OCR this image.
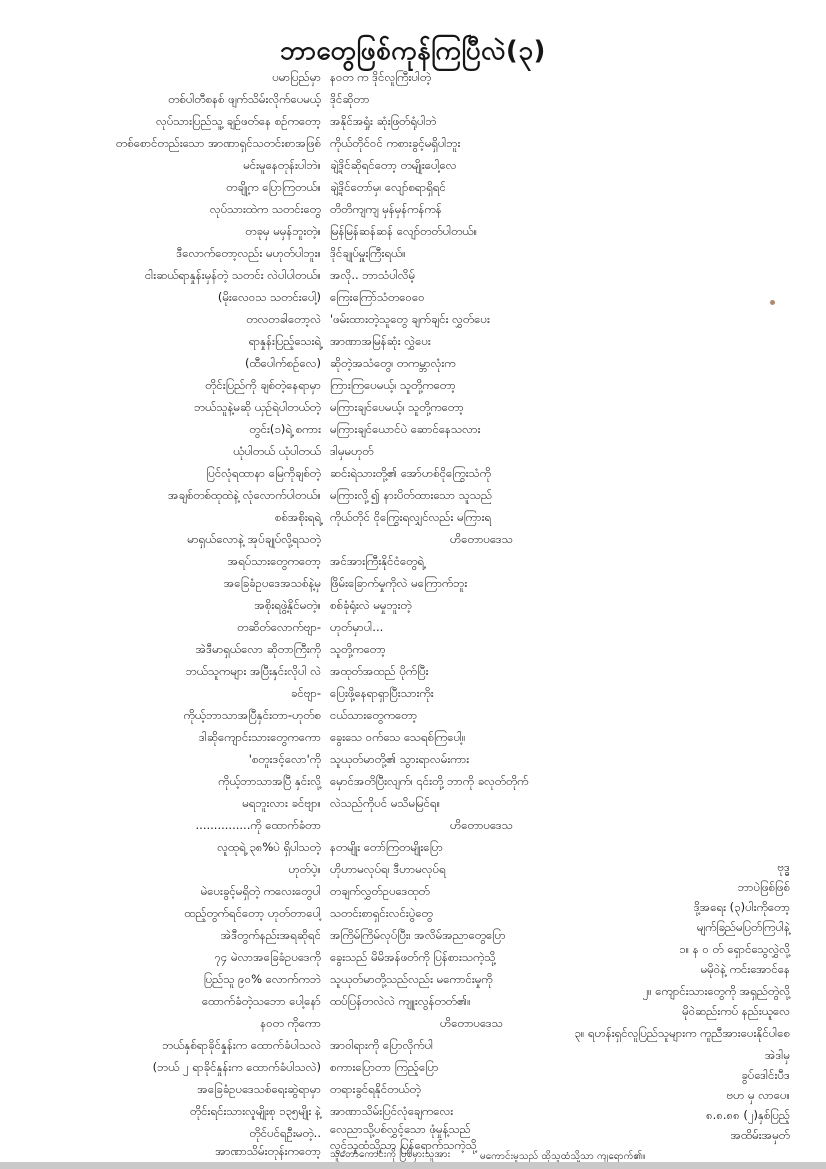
ဘာတွေဖြစ်ကုန်ကြပြီလဲ(၃)
ပမာပြည်မှာ
တစ်ပါတီစနစ် ဖျက်သိမ်းလိုက်ပေမယ့်
လုပ်သားပြည်သူ့ ချဥ်ဖတ်နေ စဥ်ကတော့
တစ်စောင်တည်းသော အာဏာရှင်သတင်းစာအဖြစ်
မင်းမူနေတုန်းပါဘဲ။
တချို့က ပြောကြတယ်။
လုပ်သားထဲက သတင်းတွေ
တခုမှ မမှန်ဘူးတဲ့။
ဒီလောက်တော့လည်း မဟုတ်ပါဘူး။
ငါးဆယ်ရာနှုန်းမှန်တဲ့ သတင်း လဲပါပါတယ်။
(မိုးလေဝသ သတင်းပေါ့)
တလတခါတော့လဲ
ရာနှုန်းပြည့်သေးရဲ့
(ထီပေါက်စဥ်လေ)
တိုင်းပြည်ကို ချစ်တဲ့နေရာမှာ
ဘယ်သူနဲ့မဆို ယှဥ်ရဲပါတယ်တဲ့
တွင်း(၁)ရဲ့ စကား
ယုံပါတယ် ယုံပါတယ်
ပြင်လုံရထာနာ မြေကိုချစ်တဲ့
အချစ်တစ်ထုထဲနဲ့ လုံလောက်ပါတယ်။
စစ်အစိုးရရဲ့
မာရှယ်လောနဲ့ အုပ်ချုပ်လို့ရသတဲ့
အရပ်သားတွေကတော့
အခြေခံဥပဒေအသစ်နဲ့မှ
အစိုးရဖွဲ့နိုင်မတဲ့။
တဆိတ်လောက်ဗျာ-
အဲဒီမာရှယ်လော ဆိုတာကြီးကို
ဘယ်သူကများ အပြီးနှင်းလိုပါ လဲ
ခင်ဗျာ-
ကိုယ့်ဘာသာအပြီနှင်းတာ-ဟုတ်စ
ဒါဆိုကျောင်းသားတွေကကော
'စတူးဒင့်လော'ကို
ကိုယ့်ဘာသာအပြီ နှင်းလို့
မရဘူးလား ခင်ဗျာ။
...............ကို ထောက်ခံတာ
လူထုရဲ့ ၃၈%ပဲ ရှိပါသတဲ့
ဟုတ်ပဲ့။
မဲပေးခွင့်မရှိတဲ့ ကလေးတွေပါ
ထည့်တွက်ရင်တော့ ဟုတ်တာပေါ့
အဲဒီတွက်နည်းအရဆိုရင်
၇၄ မဲလာအခြေခံဥပဒေကို
ပြည်သူ ၉၀% လောက်ကဘဲ
ထောက်ခံတဲ့သဘော ပေါ့နော်
နဝတ ကိုကော
ဘယ်နှစ်ရာခိုင်နှုန်းက ထောက်ခံပါသလဲ
(ဘယ် ၂ ရာခိုင်နှုန်းက ထောက်ခံပါသလဲ)
အခြေခံဥပဒေသစ်ရေးဆွဲရာမှာ
တိုင်းရင်းသားလူမျိုးစု ၁၃၅မျိုး နဲ့
တိုင်ပင်ရဦးမတဲ့..
အာဏာသိမ်းတုန်းကတော့
နဝတ က ဒိုင်လူကြီးပါတဲ့
ဒိုင်ဆိုတာ
အနိုင်အရှုံး ဆုံးဖြတ်ရုံပါဘဲ
ကိုယ်တိုင်ဝင် ကစားခွင့်မရှိပါဘူး
ချဲ့ဒိုင်ဆိုရင်တော့ တမျိုးပေါ့လေ
ချဲ့ဒိုင်တော်မှ၊ လျော်စရာရှိရင်
တိတိကျကျ မှန်မှန်ကန်ကန်
မြန်မြန်ဆန်ဆန် လျော်တတ်ပါတယ်။
ဒိုင်ချုပ်မှူးကြီးရယ်။
အလို.. ဘာသံပါလိမ့်
ကြေးကြော်သံတဝေဝေ
'ဖမ်းထားတဲ့သူတွေ ချက်ချင်း လွှတ်ပေး
အာဏာအမြန်ဆုံး လွှဲပေး
ဆိုတဲ့အသံတွေ၊ တကမ္ဘာလုံးက
ကြားကြပေမယ့်၊ သူတို့ကတော့
မကြားချင်ပေမယ့်၊ သူတို့ကတော့
မကြားချင်ယောင်ပဲ ဆောင်နေသလား
ဒါမှမဟုတ်
ဆင်းရဲသားတို့၏ အော်ဟစ်ငိုကြွေးသံကို
မကြားလို့၍ နားပိတ်ထားသော သူသည်
ကိုယ်တိုင် ငိုကြွေးရလျှင်လည်း မကြားရ
ဟိတောပဒေသ
အင်အားကြီးနိုင်ငံတွေရဲ့
ဖြိမ်းခြောက်မှုကိုလဲ မကြောက်ဘူး
စစ်ခုံရုံးလဲ မမှုဘူးတဲ့
ဟုတ်မှာပါ...
သူတို့ကတော့
အထုတ်အထည် ပိုက်ပြီး
ပြေးဖို့နေရာရှာပြီးသားကိုး
ငယ်သားတွေကတော့
ခွေးသေ ဝက်သေ သေရစ်ကြပေါ့။
သူယုတ်မာတို့၏ သွားရာလမ်းကား
မှောင်အတိပြီးလျက်၊ ၎င်းတို့ ဘာကို ခလုတ်တိုက်
လဲသည်ကိုပင် မသိမမြင်ရ။
ဟိတောပဒေသ
နတမျိုး တော်ကြတမျိုးပြော
ဟိုဟာမလုပ်ရ၊ ဒီဟာမလုပ်ရ
တချက်လွှတ်ဥပဒေထုတ်
သတင်းစာရှင်းလင်းပွဲတွေ
အကြိမ်ကြိမ်လုပ်ပြီး၊ အလိမ်အညာတွေပြော
ခွေးသည် မိမိအန်ဖတ်ကို ပြန်စားသကဲ့သို့
သူယုတ်မာတို့သည်လည်း မကောင်းမှုကို
ထပ်ပြန်တလဲလဲ ကျူးလွန်တတ်၏။
ဟိတောပဒေသ
အာဝါရားကို ပြောလိုက်ပါ
စကားပြောတာ ကြည့်ပြော
တရားခွင်ရနိုင်တယ်တဲ့
အာဏာသိမ်းပြင်လုံချေကလေး
လေညာသို့ပစ်လွှင့်သော ဖုံမှုန့်သည်
လွင့်သူထံသို့သာ ပြန်ရောက်သကဲ့သို့
သူတော်ကောင်းကို ပြစ်မှားသူအား	မကောင်းမှုသည် ထိုသူထံသို့သာ ကျရောက်၏။
ဗုဒ္ဓ
ဘာပဲဖြစ်ဖြစ်
ဒို့အရေး (၃)ပါးကိုတော့
မျက်ခြည်မပြတ်ကြပါနဲ့
၁။ န ၀ တ် ရှောင်သွေလွှဲလို့
မမိုဝဲနဲ့ ကင်းအောင်နေ
၂။ ကျောင်းသားတွေကို အရှည်တွဲလို့
မိုဝဲဆည်းကပ် နည်းယူလေ
၃။ ရဟန်းရှင်လူပြည်သူများက ကူညီအားပေးနိုင်ပါစေ
အဲဒါမှ
ခွပ်ဒေါင်းပီဒ
ဗဟ မှ လာပေ။
၈.၈.၈၈ (၂)နှစ်ပြည့်
အထိမ်းအမှတ်
